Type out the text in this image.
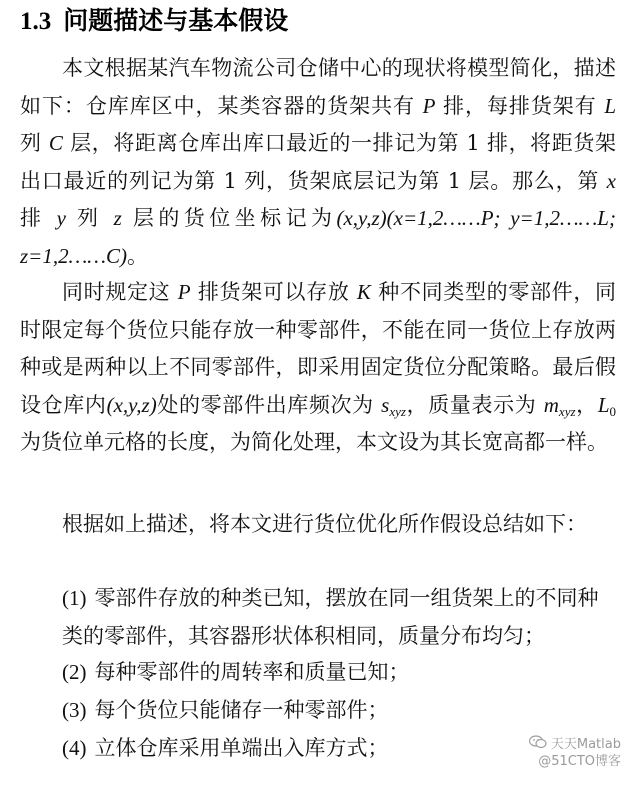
1.3 问题描述与基本假设

本文根据某汽车物流公司仓储中心的现状将模型简化，描述如下：仓库库区中，某类容器的货架共有 P 排，每排货架有 L 列 C 层，将距离仓库出库口最近的一排记为第 1 排，将距货架出口最近的列记为第 1 列，货架底层记为第 1 层。那么，第 x 排 y 列 z 层的货位坐标记为(x,y,z)(x=1,2……P; y=1,2……L; z=1,2……C)。

同时规定这 P 排货架可以存放 K 种不同类型的零部件，同时限定每个货位只能存放一种零部件，不能在同一货位上存放两种或是两种以上不同零部件，即采用固定货位分配策略。最后假设仓库内(x,y,z)处的零部件出库频次为 $s_{xyz}$，质量表示为 $m_{xyz}$，$L_0$为货位单元格的长度，为简化处理，本文设为其长宽高都一样。

根据如上描述，将本文进行货位优化所作假设总结如下：

(1) 零部件存放的种类已知，摆放在同一组货架上的不同种类的零部件，其容器形状体积相同，质量分布均匀；

(2) 每种零部件的周转率和质量已知；

(3) 每个货位只能储存一种零部件；

(4) 立体仓库采用单端出入库方式；	天天Matlab
@51CTO博客
